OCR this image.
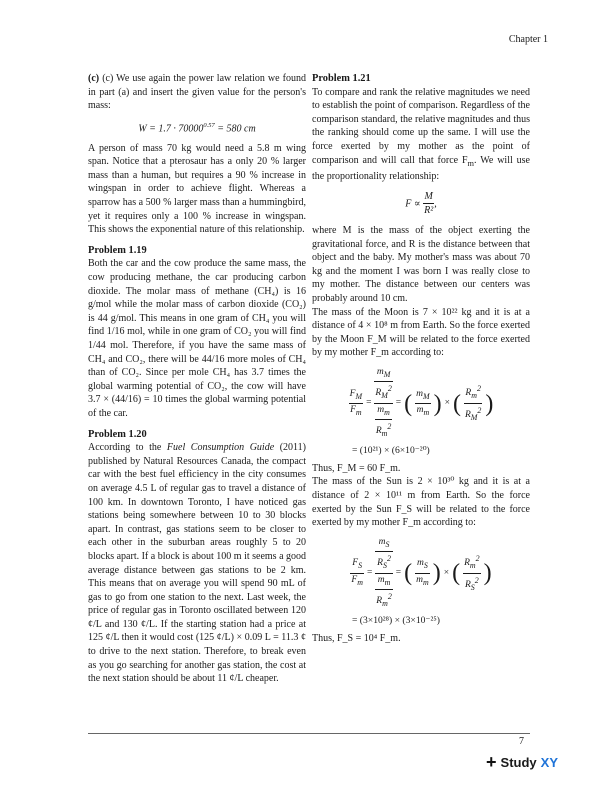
Chapter 1

(c) (c) We use again the power law relation we found in part (a) and insert the given value for the person's mass:

$W = 1.7 \cdot 70000^{0.57} = 580$ cm

A person of mass 70 kg would need a 5.8 m wing span. Notice that a pterosaur has a only 20 % larger mass than a human, but requires a 90 % increase in wingspan in order to achieve flight. Whereas a sparrow has a 500 % larger mass than a hummingbird, yet it requires only a 100 % increase in wingspan. This shows the exponential nature of this relationship.

Problem 1.19

Both the car and the cow produce the same mass, the cow producing methane, the car producing carbon dioxide. The molar mass of methane (CH₄) is 16 g/mol while the molar mass of carbon dioxide (CO₂) is 44 g/mol. This means in one gram of CH₄ you will find 1/16 mol, while in one gram of CO₂ you will find 1/44 mol. Therefore, if you have the same mass of CH₄ and CO₂, there will be 44/16 more moles of CH₄ than of CO₂. Since per mole CH₄ has 3.7 times the global warming potential of CO₂, the cow will have 3.7 × (44/16) = 10 times the global warming potential of the car.

Problem 1.20

According to the Fuel Consumption Guide (2011) published by Natural Resources Canada, the compact car with the best fuel efficiency in the city consumes on average 4.5 L of regular gas to travel a distance of 100 km. In downtown Toronto, I have noticed gas stations being somewhere between 10 to 30 blocks apart. In contrast, gas stations seem to be closer to each other in the suburban areas roughly 5 to 20 blocks apart. If a block is about 100 m it seems a good average distance between gas stations to be 2 km. This means that on average you will spend 90 mL of gas to go from one station to the next. Last week, the price of regular gas in Toronto oscillated between 120 ¢/L and 130 ¢/L. If the starting station had a price at 125 ¢/L then it would cost (125 ¢/L) × 0.09 L = 11.3 ¢ to drive to the next station. Therefore, to break even as you go searching for another gas station, the cost at the next station should be about 11 ¢/L cheaper.

Problem 1.21

To compare and rank the relative magnitudes we need to establish the point of comparison. Regardless of the comparison standard, the relative magnitudes and thus the ranking should come up the same. I will use the force exerted by my mother as the point of comparison and will call that force $F_m$. We will use the proportionality relationship:

$F \propto \frac{M}{\text{R²}}$ ,

where M is the mass of the object exerting the gravitational force, and R is the distance between that object and the baby. My mother's mass was about 70 kg and the moment I was born I was really close to my mother. The distance between our centers was probably around 10 cm.

The mass of the Moon is 7 × 10²² kg and it is at a distance of 4 × 10⁸ m from Earth. So the force exerted by the Moon F_M will be related to the force exerted by my mother F_m according to:

$\frac{F_M}{F_m}$ =
$m_M$
$R_M^2$
$m_m$
$R_m^2$
= ( $m_M$
$m_m$ ) × ( $R_m^2$
$R_M^2$ )
= (10²¹) × (6×10⁻²⁰)

Thus, F_M = 60 F_m.

The mass of the Sun is 2 × 10³⁰ kg and it is at a distance of 2 × 10¹¹ m from Earth. So the force exerted by the Sun F_S will be related to the force exerted by my mother F_m according to:

$\frac{F_S}{F_m}$ =
$m_S$
$R_S^2$
$m_m$
$R_m^2$
= ( $m_S$
$m_m$ ) × ( $R_m^2$
$R_S^2$ )
= (3×10²⁸) × (3×10⁻²⁵)

Thus, F_S = 10⁴ F_m.

7
+ Study XY
